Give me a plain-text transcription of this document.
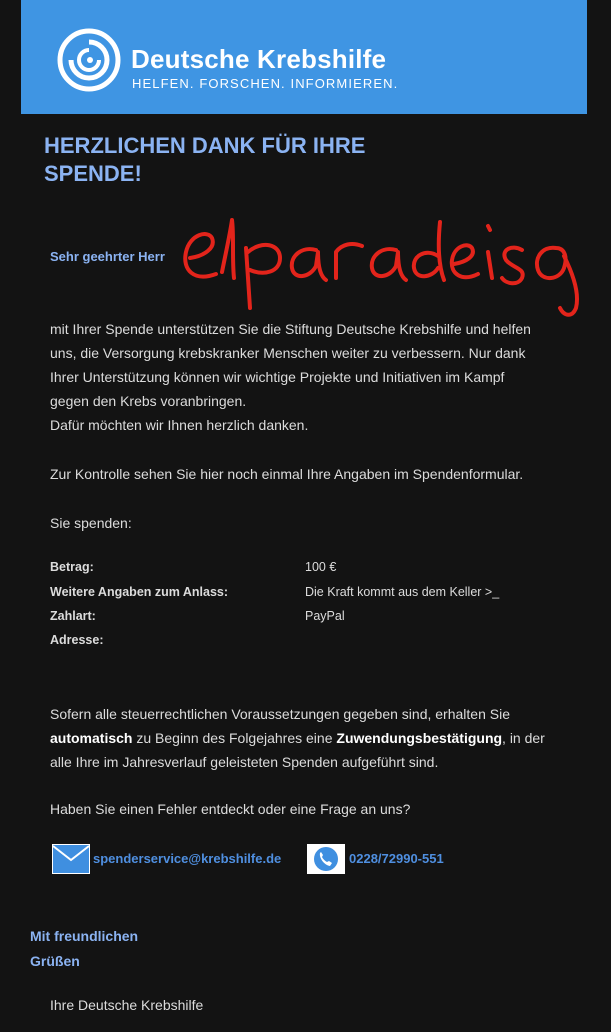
Deutsche Krebshilfe
HELFEN. FORSCHEN. INFORMIEREN.
HERZLICHEN DANK FÜR IHRE
SPENDE!
Sehr geehrter Herr
mit Ihrer Spende unterstützen Sie die Stiftung Deutsche Krebshilfe und helfen
uns, die Versorgung krebskranker Menschen weiter zu verbessern. Nur dank
Ihrer Unterstützung können wir wichtige Projekte und Initiativen im Kampf
gegen den Krebs voranbringen.
Dafür möchten wir Ihnen herzlich danken.
Zur Kontrolle sehen Sie hier noch einmal Ihre Angaben im Spendenformular.
Sie spenden:
Betrag:	100 €
Weitere Angaben zum Anlass:	Die Kraft kommt aus dem Keller >_
Zahlart:	PayPal
Adresse:
Sofern alle steuerrechtlichen Voraussetzungen gegeben sind, erhalten Sie
automatisch zu Beginn des Folgejahres eine Zuwendungsbestätigung, in der
alle Ihre im Jahresverlauf geleisteten Spenden aufgeführt sind.
Haben Sie einen Fehler entdeckt oder eine Frage an uns?
spenderservice@krebshilfe.de	0228/72990-551
Mit freundlichen
Grüßen
Ihre Deutsche Krebshilfe
